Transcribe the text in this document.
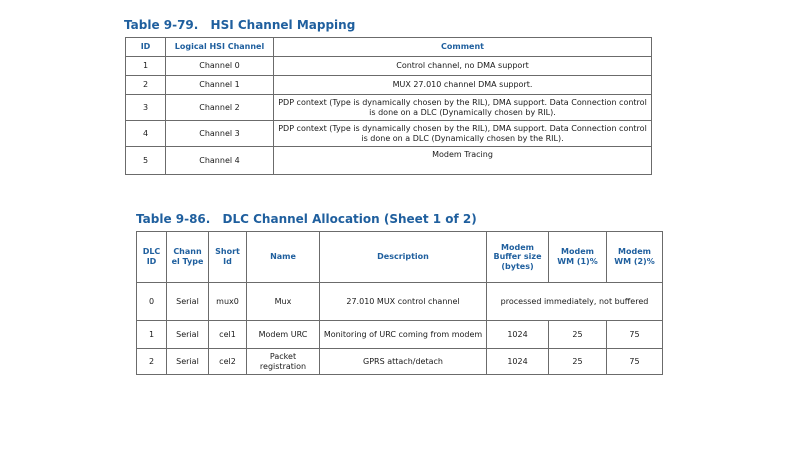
Table 9-79. HSI Channel Mapping
ID	Logical HSI Channel	Comment
1	Channel 0	Control channel, no DMA support
2	Channel 1	MUX 27.010 channel DMA support.
3	Channel 2	PDP context (Type is dynamically chosen by the RIL), DMA support. Data Connection control is done on a DLC (Dynamically chosen by RIL).
4	Channel 3	PDP context (Type is dynamically chosen by the RIL), DMA support. Data Connection control is done on a DLC (Dynamically chosen by the RIL).
5	Channel 4	Modem Tracing
Table 9-86. DLC Channel Allocation (Sheet 1 of 2)
DLC ID	Chann el Type	Short Id	Name	Description	Modem Buffer size (bytes)	Modem WM (1)%	Modem WM (2)%
0	Serial	mux0	Mux	27.010 MUX control channel	processed immediately, not buffered		
1	Serial	cel1	Modem URC	Monitoring of URC coming from modem	1024	25	75
2	Serial	cel2	Packet registration	GPRS attach/detach	1024	25	75
